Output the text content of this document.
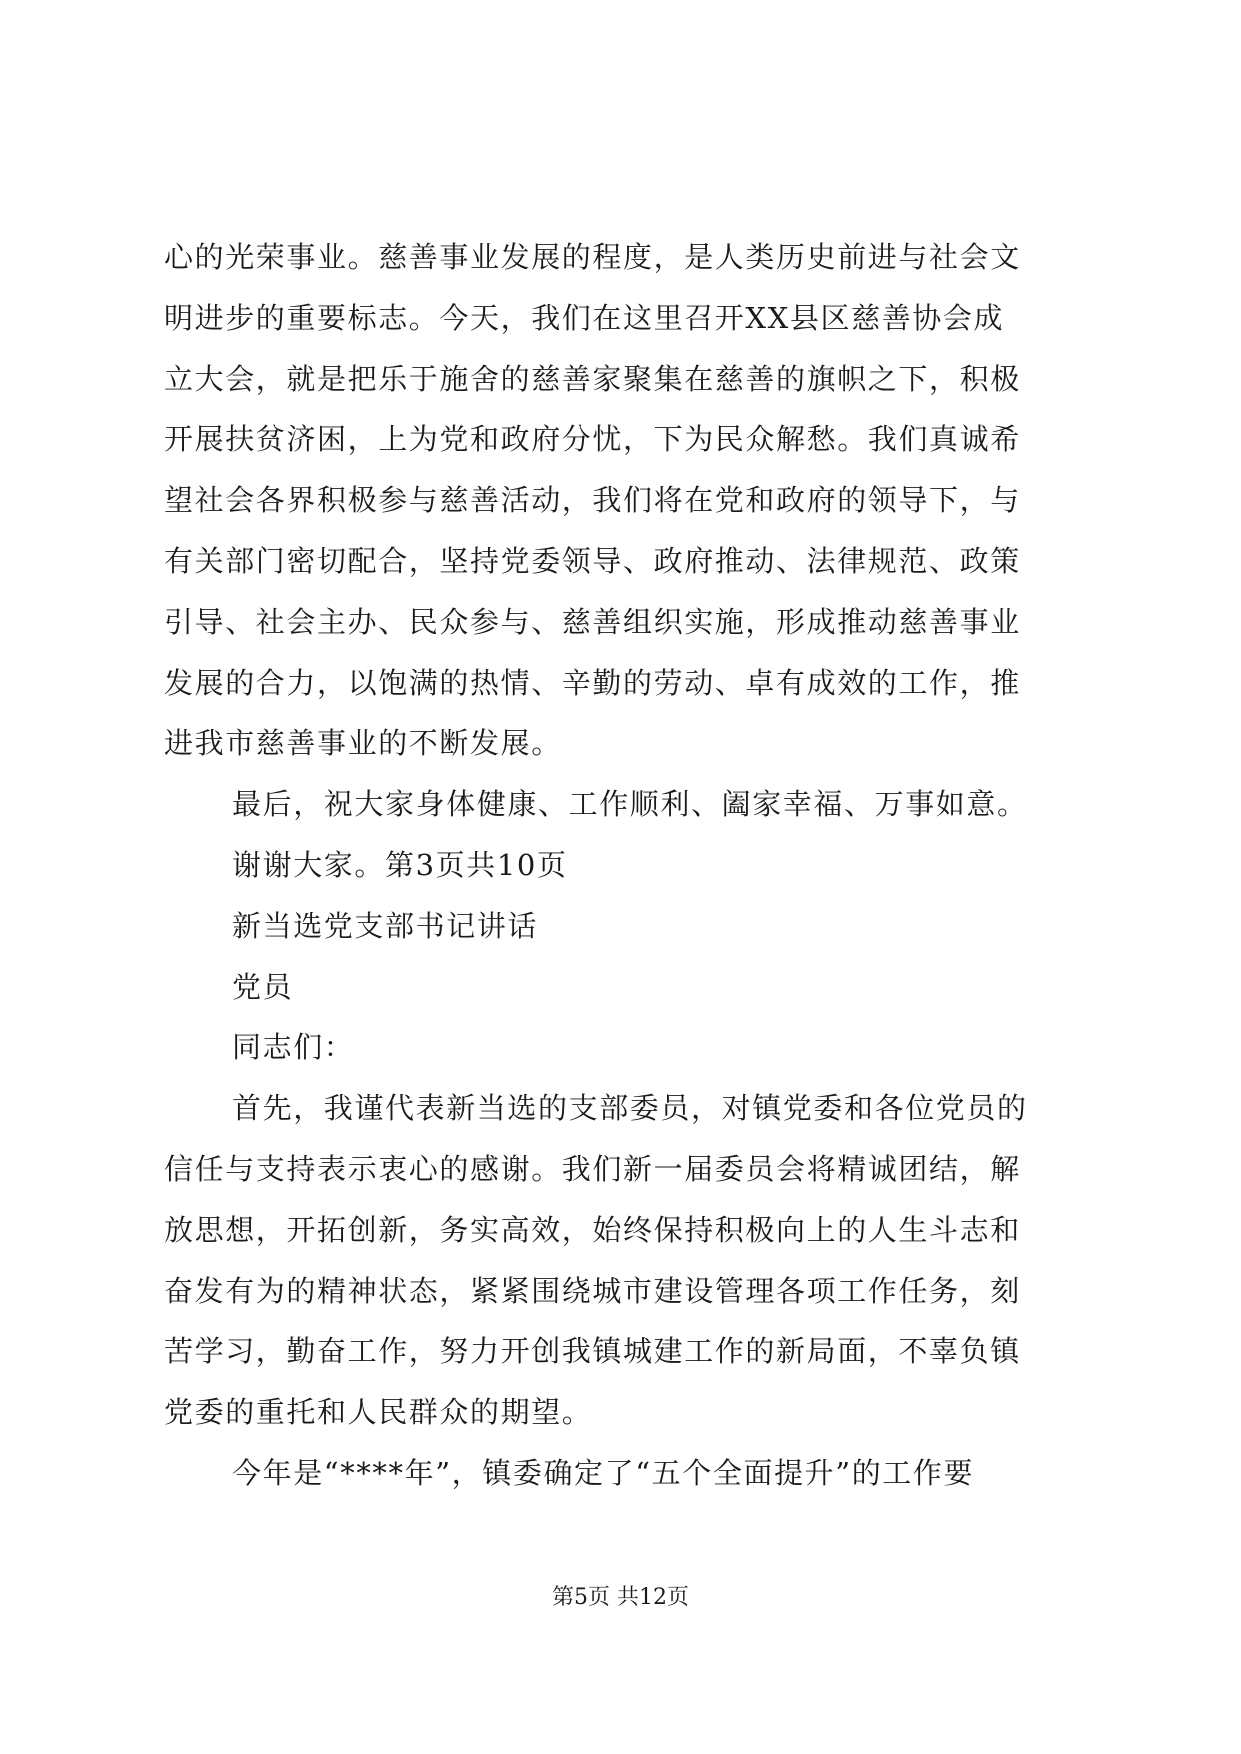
心的光荣事业。慈善事业发展的程度，是人类历史前进与社会文
明进步的重要标志。今天，我们在这里召开XX县区慈善协会成
立大会，就是把乐于施舍的慈善家聚集在慈善的旗帜之下，积极
开展扶贫济困，上为党和政府分忧，下为民众解愁。我们真诚希
望社会各界积极参与慈善活动，我们将在党和政府的领导下，与
有关部门密切配合，坚持党委领导、政府推动、法律规范、政策
引导、社会主办、民众参与、慈善组织实施，形成推动慈善事业
发展的合力，以饱满的热情、辛勤的劳动、卓有成效的工作，推
进我市慈善事业的不断发展。
最后，祝大家身体健康、工作顺利、阖家幸福、万事如意。
谢谢大家。第3页共10页
新当选党支部书记讲话
党员
同志们：
首先，我谨代表新当选的支部委员，对镇党委和各位党员的
信任与支持表示衷心的感谢。我们新一届委员会将精诚团结，解
放思想，开拓创新，务实高效，始终保持积极向上的人生斗志和
奋发有为的精神状态，紧紧围绕城市建设管理各项工作任务，刻
苦学习，勤奋工作，努力开创我镇城建工作的新局面，不辜负镇
党委的重托和人民群众的期望。
今年是“****年”，镇委确定了“五个全面提升”的工作要
第5页 共12页
